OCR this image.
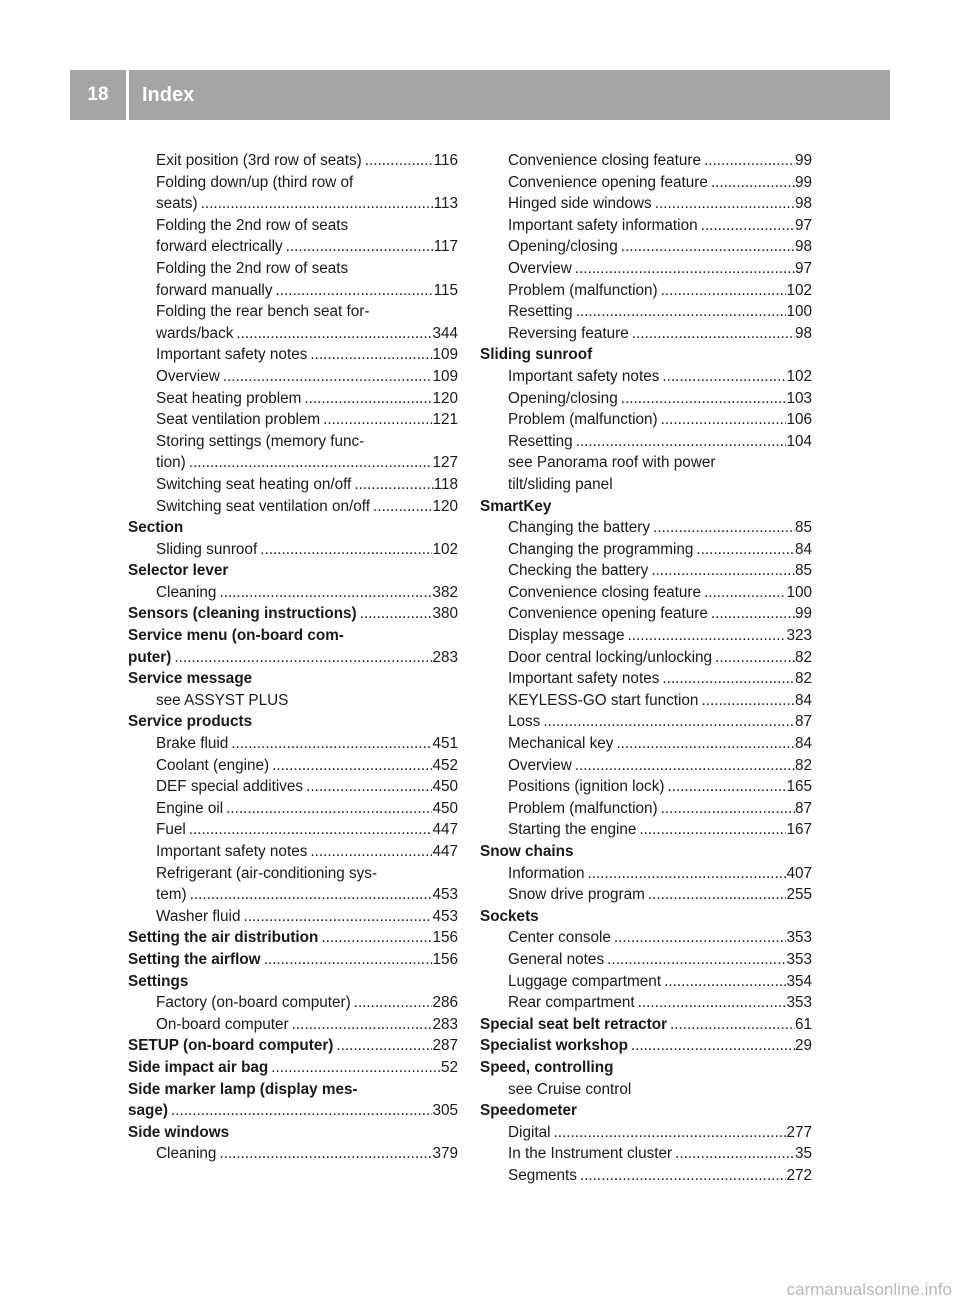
18	Index
Exit position (3rd row of seats) .....	116
Folding down/up (third row of
seats) .....	113
Folding the 2nd row of seats
forward electrically .....	117
Folding the 2nd row of seats
forward manually .....	115
Folding the rear bench seat for-
wards/back .....	344
Important safety notes .....	109
Overview .....	109
Seat heating problem .....	120
Seat ventilation problem .....	121
Storing settings (memory func-
tion) .....	127
Switching seat heating on/off .....	118
Switching seat ventilation on/off .....	120
Section
Sliding sunroof .....	102
Selector lever
Cleaning .....	382
Sensors (cleaning instructions) .....	380
Service menu (on-board com-
puter) .....	283
Service message
see ASSYST PLUS
Service products
Brake fluid .....	451
Coolant (engine) .....	452
DEF special additives .....	450
Engine oil .....	450
Fuel .....	447
Important safety notes .....	447
Refrigerant (air-conditioning sys-
tem) .....	453
Washer fluid .....	453
Setting the air distribution .....	156
Setting the airflow .....	156
Settings
Factory (on-board computer) .....	286
On-board computer .....	283
SETUP (on-board computer) .....	287
Side impact air bag .....	52
Side marker lamp (display mes-
sage) .....	305
Side windows
Cleaning .....	379
Convenience closing feature .....	99
Convenience opening feature .....	99
Hinged side windows .....	98
Important safety information .....	97
Opening/closing .....	98
Overview .....	97
Problem (malfunction) .....	102
Resetting .....	100
Reversing feature .....	98
Sliding sunroof
Important safety notes .....	102
Opening/closing .....	103
Problem (malfunction) .....	106
Resetting .....	104
see Panorama roof with power
tilt/sliding panel
SmartKey
Changing the battery .....	85
Changing the programming .....	84
Checking the battery .....	85
Convenience closing feature .....	100
Convenience opening feature .....	99
Display message .....	323
Door central locking/unlocking .....	82
Important safety notes .....	82
KEYLESS-GO start function .....	84
Loss .....	87
Mechanical key .....	84
Overview .....	82
Positions (ignition lock) .....	165
Problem (malfunction) .....	87
Starting the engine .....	167
Snow chains
Information .....	407
Snow drive program .....	255
Sockets
Center console .....	353
General notes .....	353
Luggage compartment .....	354
Rear compartment .....	353
Special seat belt retractor .....	61
Specialist workshop .....	29
Speed, controlling
see Cruise control
Speedometer
Digital .....	277
In the Instrument cluster .....	35
Segments .....	272
carmanualsonline.info
